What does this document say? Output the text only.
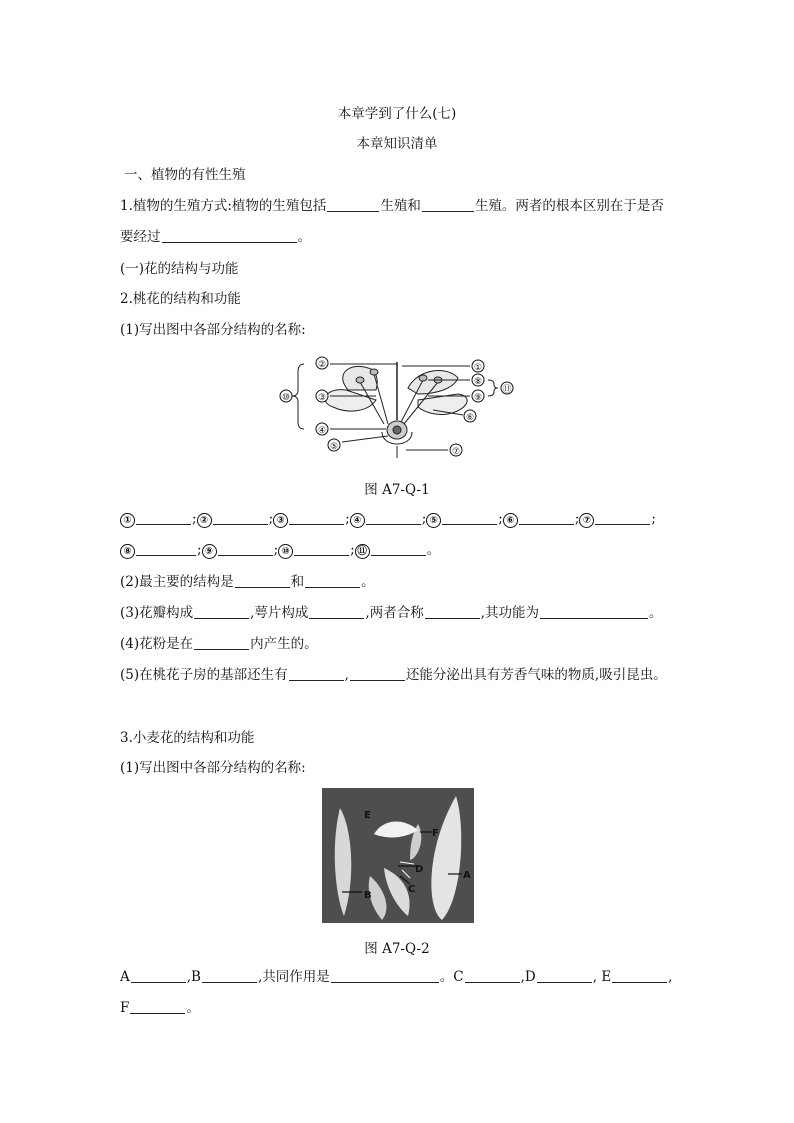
本章学到了什么(七)
本章知识清单
一、植物的有性生殖
1.植物的生殖方式:植物的生殖包括	生殖和	生殖。两者的根本区别在于是否
要经过	。
(一)花的结构与功能
2.桃花的结构和功能
(1)写出图中各部分结构的名称:
②
③
④
⑤	⑦
①
⑧
⑨
⑥
⑩
⑪
图 A7-Q-1
①	; ②	; ③	; ④	; ⑤	; ⑥	; ⑦	;
⑧	; ⑨	; ⑩	; ⑪	。
(2)最主要的结构是	和	。
(3)花瓣构成	,萼片构成	,两者合称	,其功能为	。
(4)花粉是在	内产生的。
(5)在桃花子房的基部还生有	,	还能分泌出具有芳香气味的物质,吸引昆虫。
3.小麦花的结构和功能
(1)写出图中各部分结构的名称:
E
F
D
C
A
B
图 A7-Q-2
A	,B	,共同作用是	。C	,D	, E	,
F	。
